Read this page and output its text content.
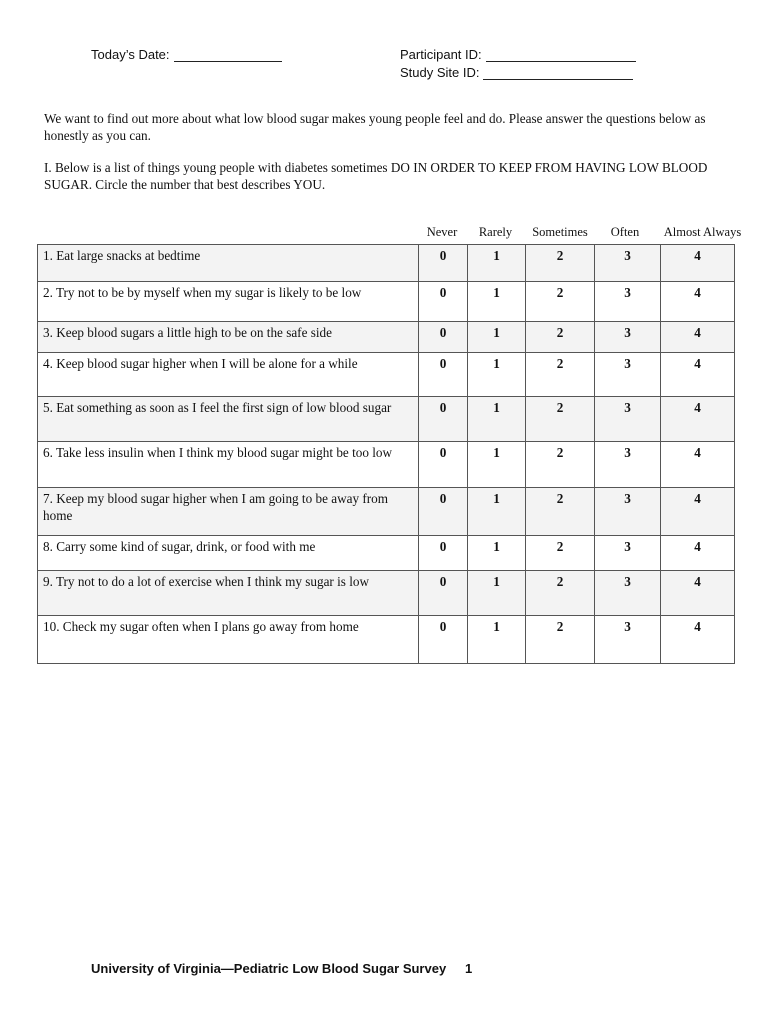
Today’s Date:	Participant ID:
Study Site ID:
We want to find out more about what low blood sugar makes young people feel and do. Please answer the questions below as honestly as you can.
I. Below is a list of things young people with diabetes sometimes DO IN ORDER TO KEEP FROM HAVING LOW BLOOD SUGAR. Circle the number that best describes YOU.
Never	Rarely	Sometimes	Often	Almost Always
1. Eat large snacks at bedtime	0	1	2	3	4
2. Try not to be by myself when my sugar is likely to be low	0	1	2	3	4
3. Keep blood sugars a little high to be on the safe side	0	1	2	3	4
4. Keep blood sugar higher when I will be alone for a while	0	1	2	3	4
5. Eat something as soon as I feel the first sign of low blood sugar	0	1	2	3	4
6. Take less insulin when I think my blood sugar might be too low	0	1	2	3	4
7. Keep my blood sugar higher when I am going to be away from home	0	1	2	3	4
8. Carry some kind of sugar, drink, or food with me	0	1	2	3	4
9. Try not to do a lot of exercise when I think my sugar is low	0	1	2	3	4
10. Check my sugar often when I plans go away from home	0	1	2	3	4
University of Virginia—Pediatric Low Blood Sugar Survey 1
